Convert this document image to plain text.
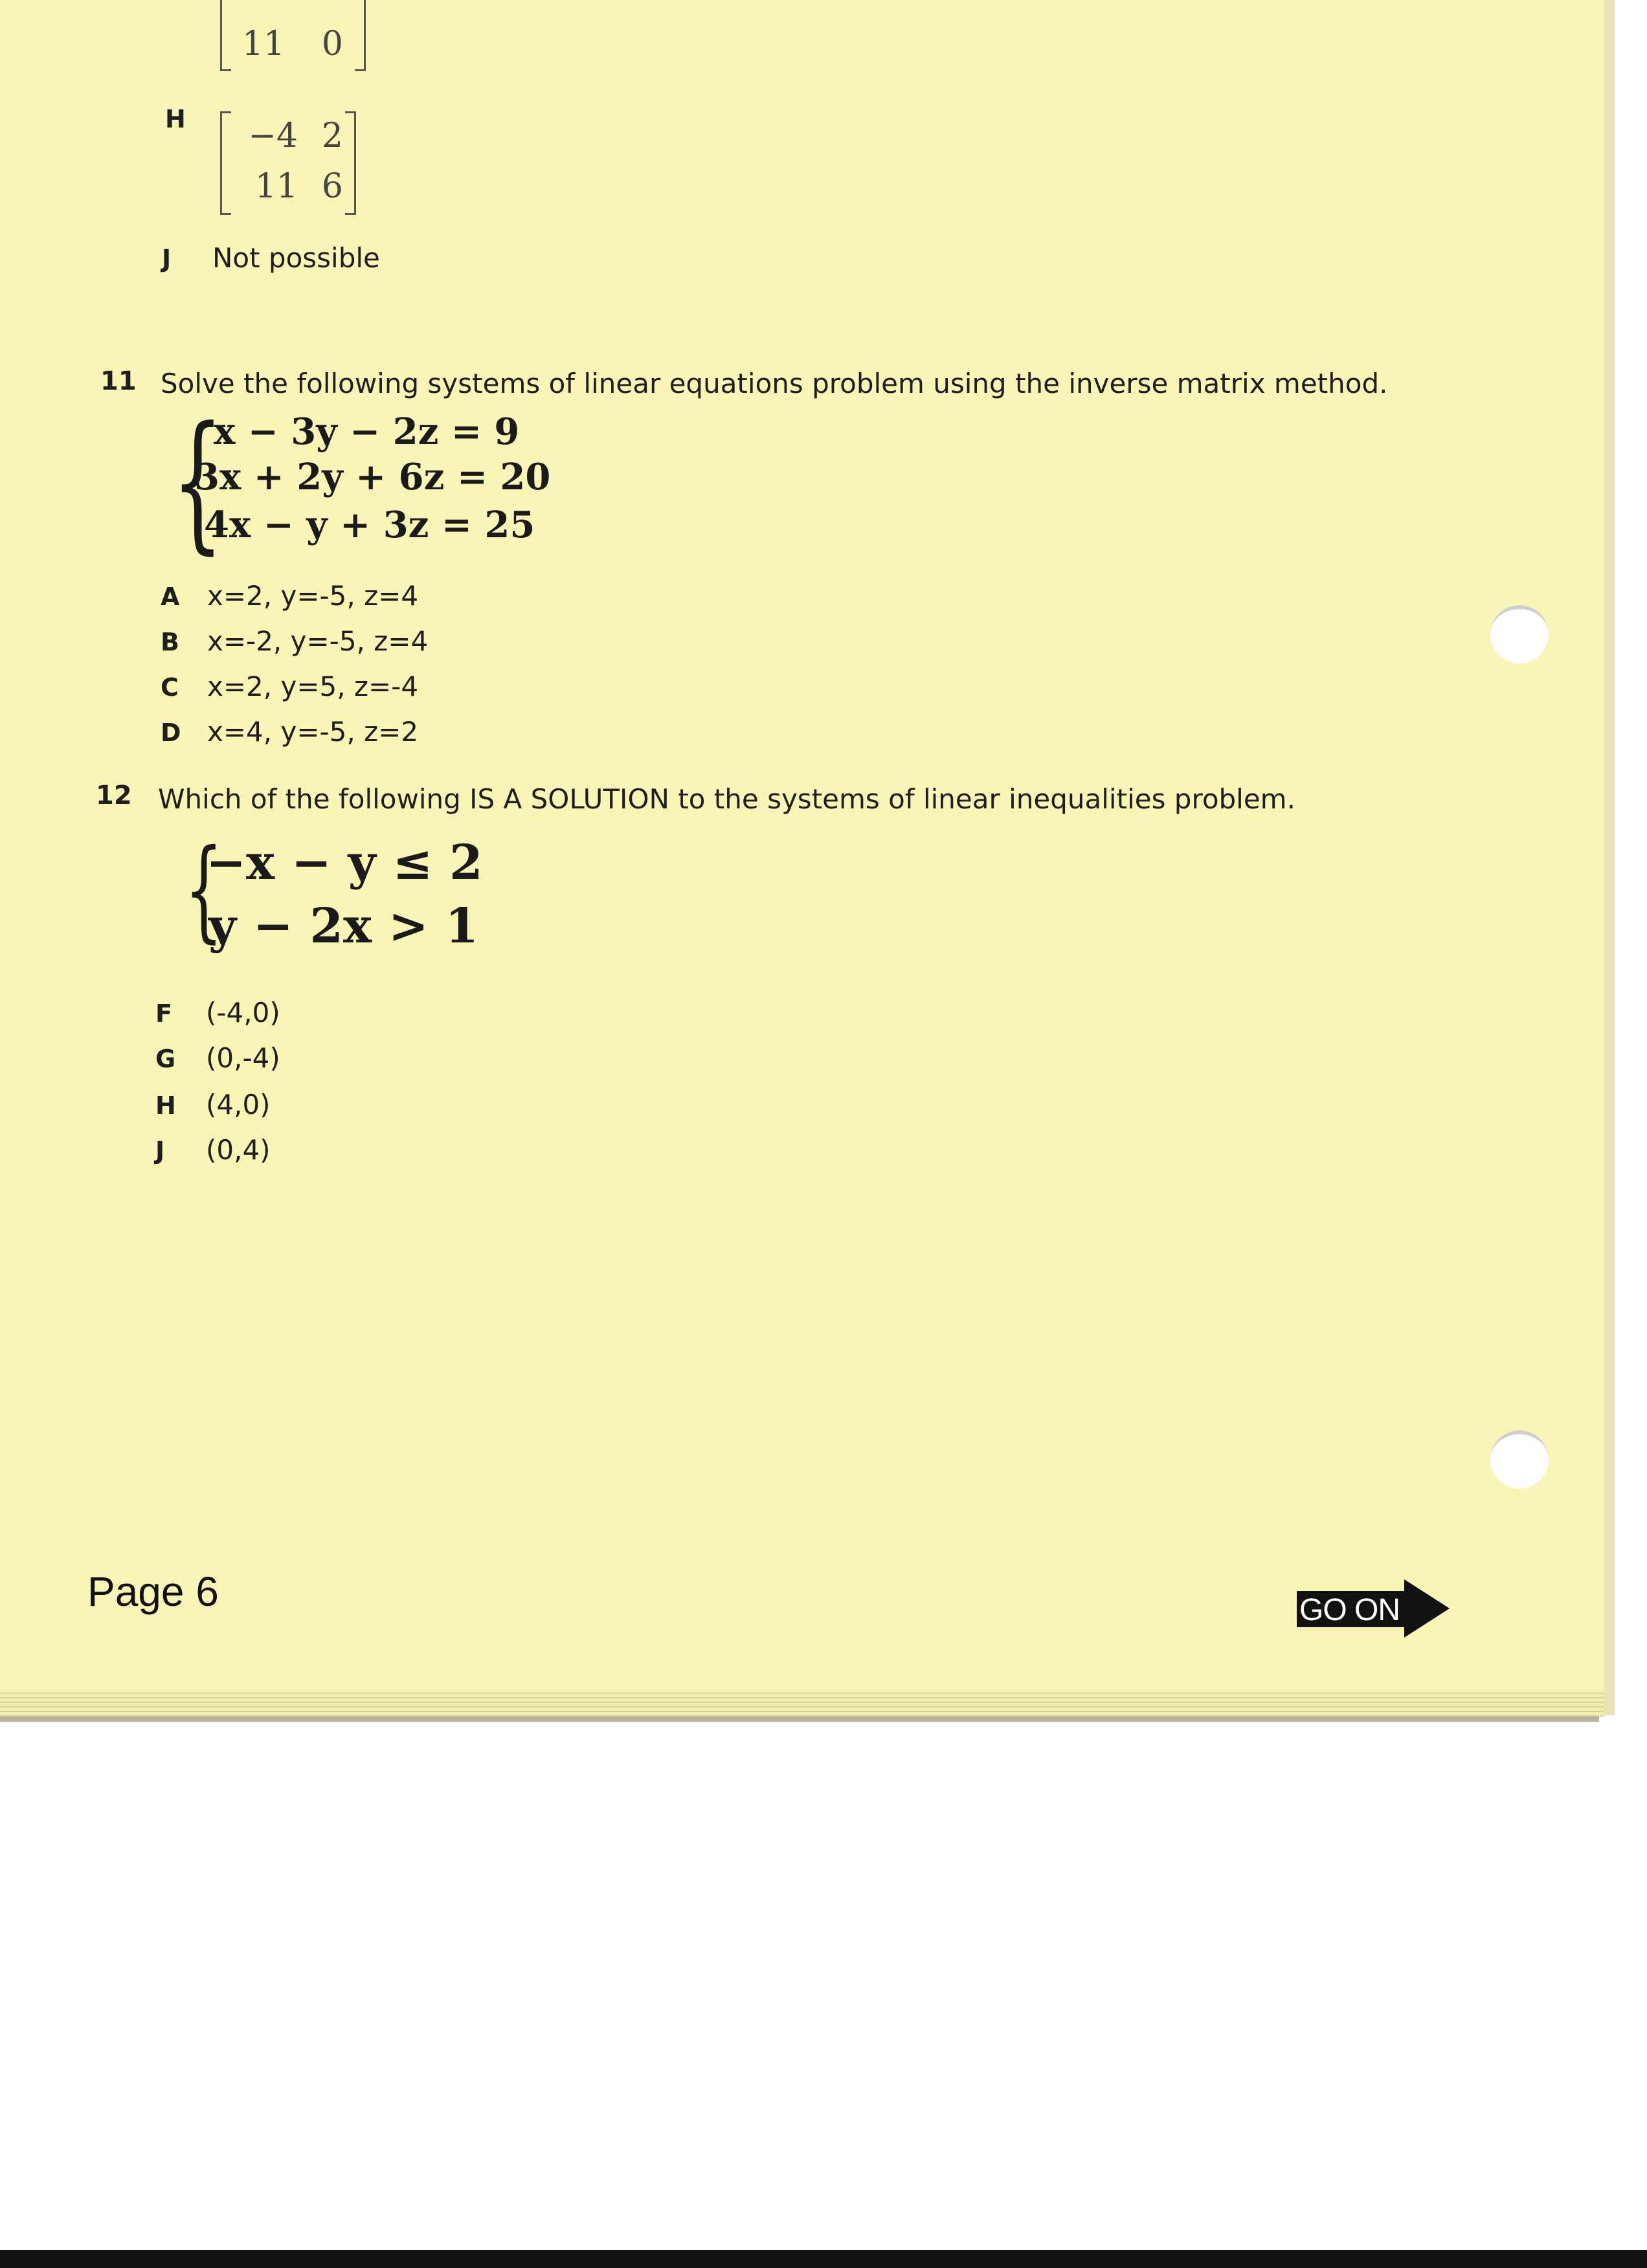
11	0
H	−4 2
11 6
J Not possible
11 Solve the following systems of linear equations problem using the inverse matrix method.
{
x − 3y − 2z = 9
3x + 2y + 6z = 20
4x − y + 3z = 25
A x=2, y=-5, z=4
B x=-2, y=-5, z=4
C x=2, y=5, z=-4
D x=4, y=-5, z=2
12 Which of the following IS A SOLUTION to the systems of linear inequalities problem.
{
−x − y ≤ 2
y − 2x > 1
F (-4,0)
G (0,-4)
H (4,0)
J (0,4)
Page 6	GO ON
